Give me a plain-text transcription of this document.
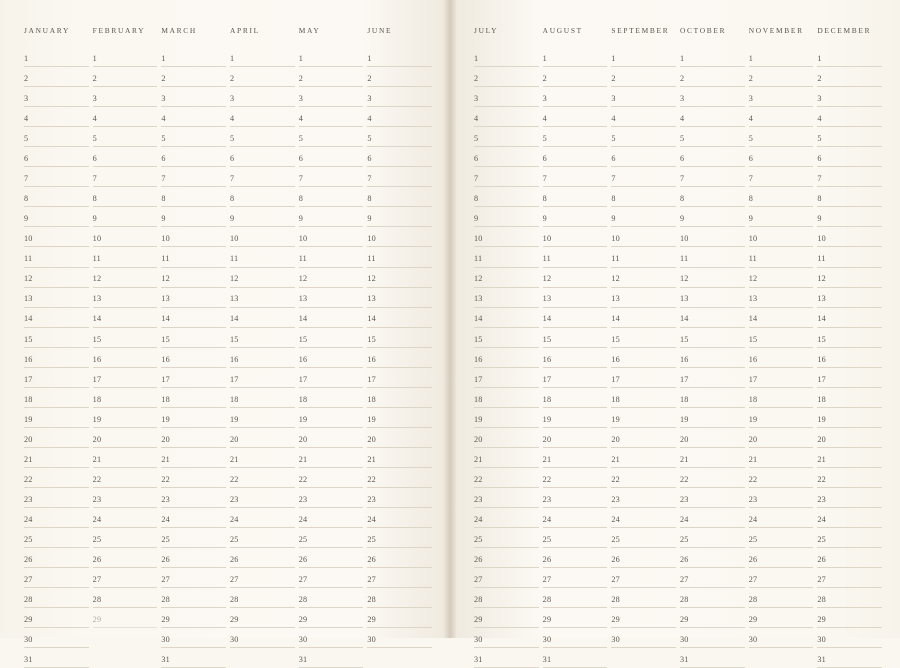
JANUARY
1
2
3
4
5
6
7
8
9
10
11
12
13
14
15
16
17
18
19
20
21
22
23
24
25
26
27
28
29
30
31
FEBRUARY
1
2
3
4
5
6
7
8
9
10
11
12
13
14
15
16
17
18
19
20
21
22
23
24
25
26
27
28
29
MARCH
1
2
3
4
5
6
7
8
9
10
11
12
13
14
15
16
17
18
19
20
21
22
23
24
25
26
27
28
29
30
31
APRIL
1
2
3
4
5
6
7
8
9
10
11
12
13
14
15
16
17
18
19
20
21
22
23
24
25
26
27
28
29
30
MAY
1
2
3
4
5
6
7
8
9
10
11
12
13
14
15
16
17
18
19
20
21
22
23
24
25
26
27
28
29
30
31
JUNE
1
2
3
4
5
6
7
8
9
10
11
12
13
14
15
16
17
18
19
20
21
22
23
24
25
26
27
28
29
30
JULY
1
2
3
4
5
6
7
8
9
10
11
12
13
14
15
16
17
18
19
20
21
22
23
24
25
26
27
28
29
30
31
AUGUST
1
2
3
4
5
6
7
8
9
10
11
12
13
14
15
16
17
18
19
20
21
22
23
24
25
26
27
28
29
30
31
SEPTEMBER
1
2
3
4
5
6
7
8
9
10
11
12
13
14
15
16
17
18
19
20
21
22
23
24
25
26
27
28
29
30
OCTOBER
1
2
3
4
5
6
7
8
9
10
11
12
13
14
15
16
17
18
19
20
21
22
23
24
25
26
27
28
29
30
31
NOVEMBER
1
2
3
4
5
6
7
8
9
10
11
12
13
14
15
16
17
18
19
20
21
22
23
24
25
26
27
28
29
30
DECEMBER
1
2
3
4
5
6
7
8
9
10
11
12
13
14
15
16
17
18
19
20
21
22
23
24
25
26
27
28
29
30
31
